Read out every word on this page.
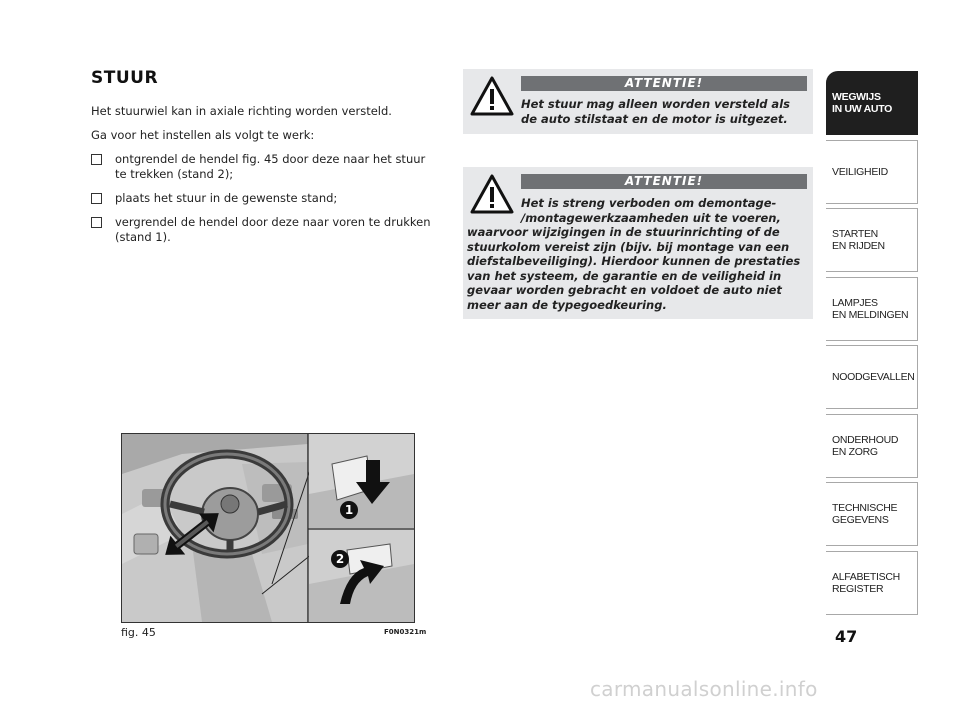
STUUR
Het stuurwiel kan in axiale richting worden versteld.
Ga voor het instellen als volgt te werk:
ontgrendel de hendel fig. 45 door deze naar het stuur te trekken (stand 2);
plaats het stuur in de gewenste stand;
vergrendel de hendel door deze naar voren te drukken (stand 1).
ATTENTIE!
Het stuur mag alleen worden versteld als de auto stilstaat en de motor is uitgezet.
ATTENTIE!
Het is streng verboden om demontage-
/montagewerkzaamheden uit te voeren,
waarvoor wijzigingen in de stuurinrichting of de
stuurkolom vereist zijn (bijv. bij montage van een
diefstalbeveiliging). Hierdoor kunnen de prestaties
van het systeem, de garantie en de veiligheid in
gevaar worden gebracht en voldoet de auto niet
meer aan de typegoedkeuring.
1
2
fig. 45	F0N0321m
WEGWIJS
IN UW AUTO
VEILIGHEID
STARTEN
EN RIJDEN
LAMPJES
EN MELDINGEN
NOODGEVALLEN
ONDERHOUD
EN ZORG
TECHNISCHE
GEGEVENS
ALFABETISCH
REGISTER
47
carmanualsonline.info
